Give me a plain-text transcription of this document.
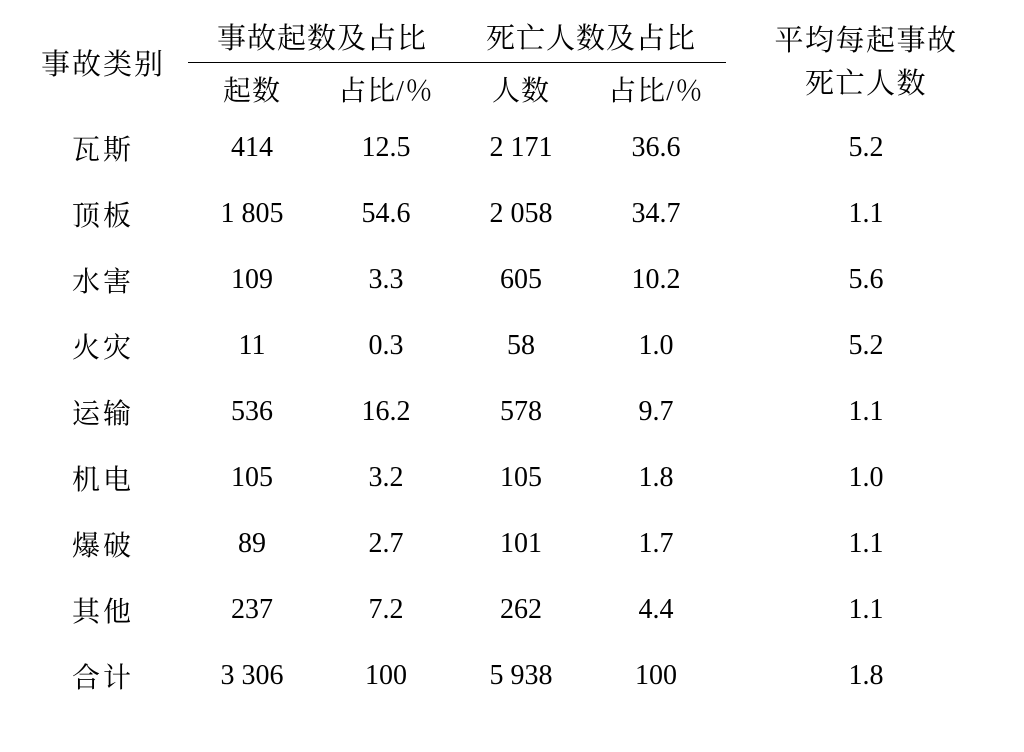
事故类别	事故起数及占比		死亡人数及占比		平均每起事故
死亡人数

	起数	占比/％	人数	占比/％	
瓦斯	414	12.5	2 171	36.6	5.2
顶板	1 805	54.6	2 058	34.7	1.1
水害	109	3.3	605	10.2	5.6
火灾	11	0.3	58	1.0	5.2
运输	536	16.2	578	9.7	1.1
机电	105	3.2	105	1.8	1.0
爆破	89	2.7	101	1.7	1.1
其他	237	7.2	262	4.4	1.1
合计	3 306	100	5 938	100	1.8
